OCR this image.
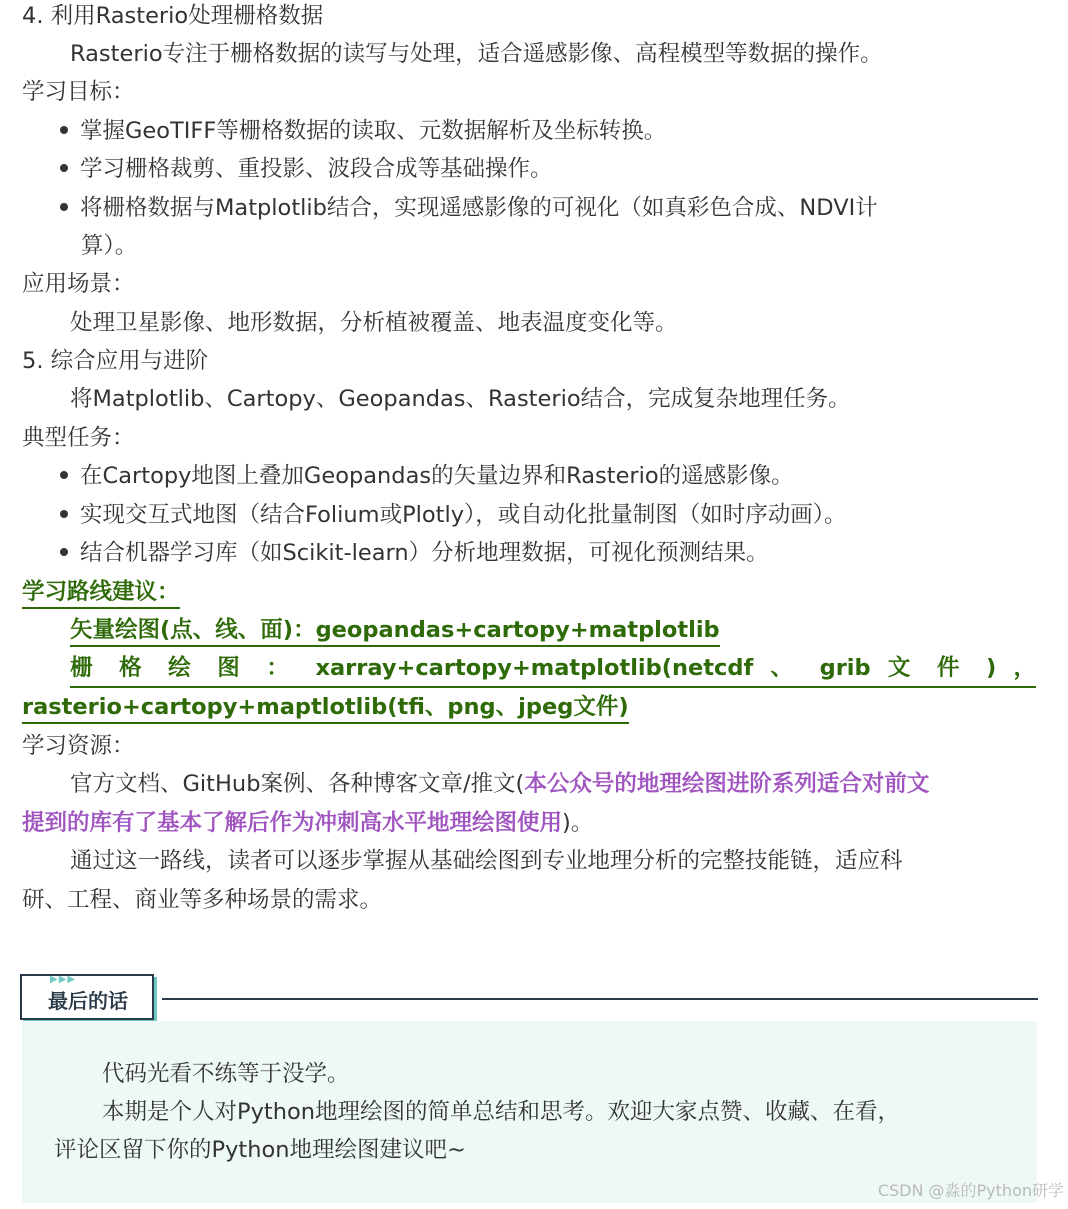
4. 利用Rasterio处理栅格数据
Rasterio专注于栅格数据的读写与处理，适合遥感影像、高程模型等数据的操作。
学习目标：
掌握GeoTIFF等栅格数据的读取、元数据解析及坐标转换。
学习栅格裁剪、重投影、波段合成等基础操作。
将栅格数据与Matplotlib结合，实现遥感影像的可视化（如真彩色合成、NDVI计
算）。
应用场景：
处理卫星影像、地形数据，分析植被覆盖、地表温度变化等。
5. 综合应用与进阶
将Matplotlib、Cartopy、Geopandas、Rasterio结合，完成复杂地理任务。
典型任务：
在Cartopy地图上叠加Geopandas的矢量边界和Rasterio的遥感影像。
实现交互式地图（结合Folium或Plotly），或自动化批量制图（如时序动画）。
结合机器学习库（如Scikit-learn）分析地理数据，可视化预测结果。
学习路线建议：
矢量绘图(点、线、面)：geopandas+cartopy+matplotlib
栅 格 绘 图 ： xarray+cartopy+matplotlib(netcdf 、 grib 文 件 ) ，
rasterio+cartopy+maptlotlib(tfi、png、jpeg文件)
学习资源：
官方文档、GitHub案例、各种博客文章/推文(本公众号的地理绘图进阶系列适合对前文
提到的库有了基本了解后作为冲刺高水平地理绘图使用)。
通过这一路线，读者可以逐步掌握从基础绘图到专业地理分析的完整技能链，适应科
研、工程、商业等多种场景的需求。
▶▶▶
最后的话
代码光看不练等于没学。
本期是个人对Python地理绘图的简单总结和思考。欢迎大家点赞、收藏、在看，
评论区留下你的Python地理绘图建议吧~
CSDN @淼的Python研学
